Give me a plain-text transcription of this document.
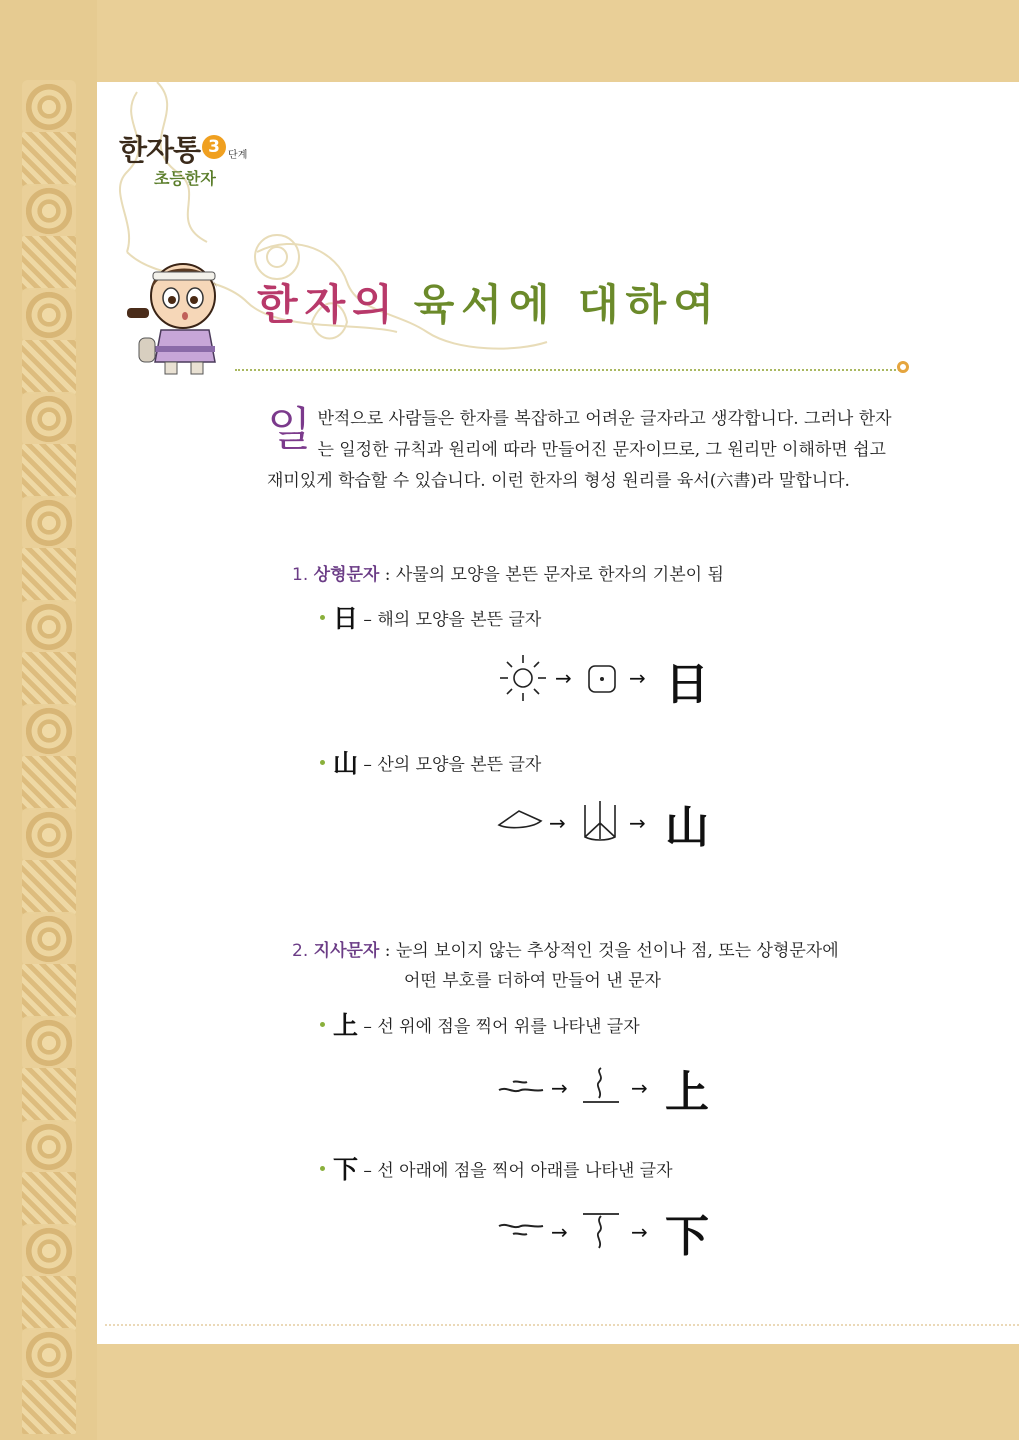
한자통 3 단계
초등한자
한자의 육서에 대하여
일반적으로 사람들은 한자를 복잡하고 어려운 글자라고 생각합니다. 그러나 한자는 일정한 규칙과 원리에 따라 만들어진 문자이므로, 그 원리만 이해하면 쉽고 재미있게 학습할 수 있습니다. 이런 한자의 형성 원리를 육서(六書)라 말합니다.
1. 상형문자 : 사물의 모양을 본뜬 문자로 한자의 기본이 됨
日 – 해의 모양을 본뜬 글자
→	→ 日
山 – 산의 모양을 본뜬 글자
→	→ 山
2. 지사문자 : 눈의 보이지 않는 추상적인 것을 선이나 점, 또는 상형문자에
어떤 부호를 더하여 만들어 낸 문자
上 – 선 위에 점을 찍어 위를 나타낸 글자
→	→ 上
下 – 선 아래에 점을 찍어 아래를 나타낸 글자
→	→ 下
